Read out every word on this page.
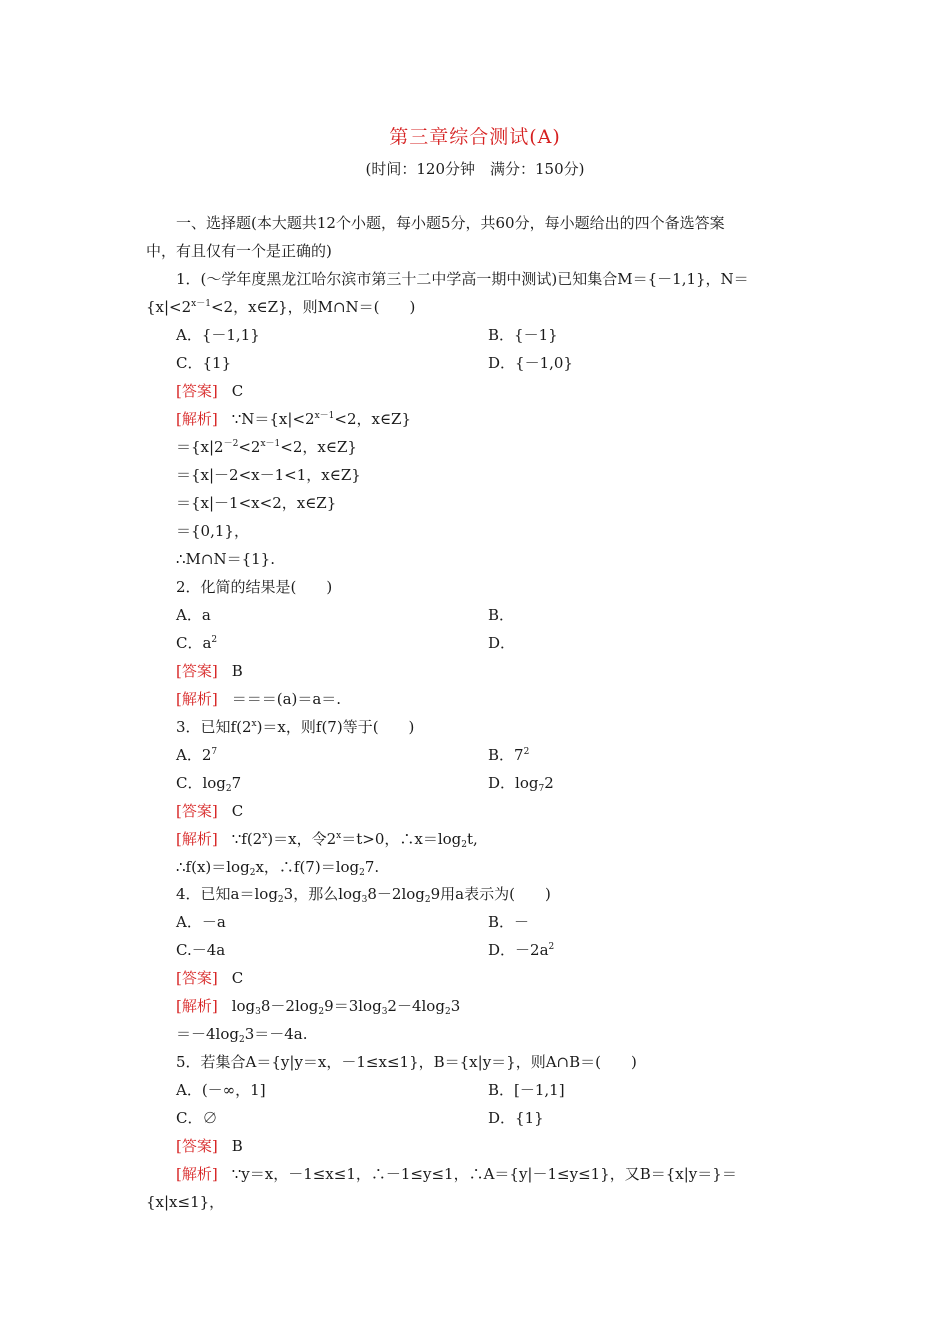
第三章综合测试(A)
(时间：120分钟　满分：150分)
一、选择题(本大题共12个小题，每小题5分，共60分，每小题给出的四个备选答案
中，有且仅有一个是正确的)
1．(～学年度黑龙江哈尔滨市第三十二中学高一期中测试)已知集合M＝{－1,1}，N＝
{$x|<2^{x-1}<2$，x∈Z}，则M∩N＝(　　)
A．{－1,1}	B．{－1}
C．{1}	D．{－1,0}
[答案] C
[解析] $\because N=\{x|<2^{x-1}<2$，x∈Z}
$=\{x|2^{-2}<2^{x-1}<2$，x∈Z}
＝{x|－2<x－1<1，x∈Z}
＝{x|－1<x<2，x∈Z}
＝{0,1}，
∴M∩N＝{1}.
2．化简的结果是(　　)
A．a	B．
C．$a^2$	D．
[答案] B
[解析] ＝＝＝(a)＝a＝.
3．已知$f(2^x)=x$，则f(7)等于(　　)
A．$2^7$	B．$7^2$
C．$\log_27$	D．$\log_72$
[答案] C
[解析] $\because f(2^x)=x$，令$2^x=t>0$，$\therefore x=\log_2t$,
$\therefore f(x)=\log_2x$，$\therefore f(7)=\log_27$.
4．已知$a=\log_23$，那么$\log_38-2\log_29$用a表示为(　　)
A．－a	B．－
C.－4a	D．$-2a^2$
[答案] C
[解析] $\log_38-2\log_29=3\log_32-4\log_23$
$=-4\log_23=-4a$.
5．若集合A＝{y|y＝x，－1≤x≤1}，B＝{x|y＝}，则A∩B＝(　　)
A．(－∞，1]	B．[－1,1]
C．∅	D．{1}
[答案] B
[解析] ∵y＝x，－1≤x≤1，∴－1≤y≤1，∴A＝{y|－1≤y≤1}，又B＝{x|y＝}＝
{x|x≤1}，
